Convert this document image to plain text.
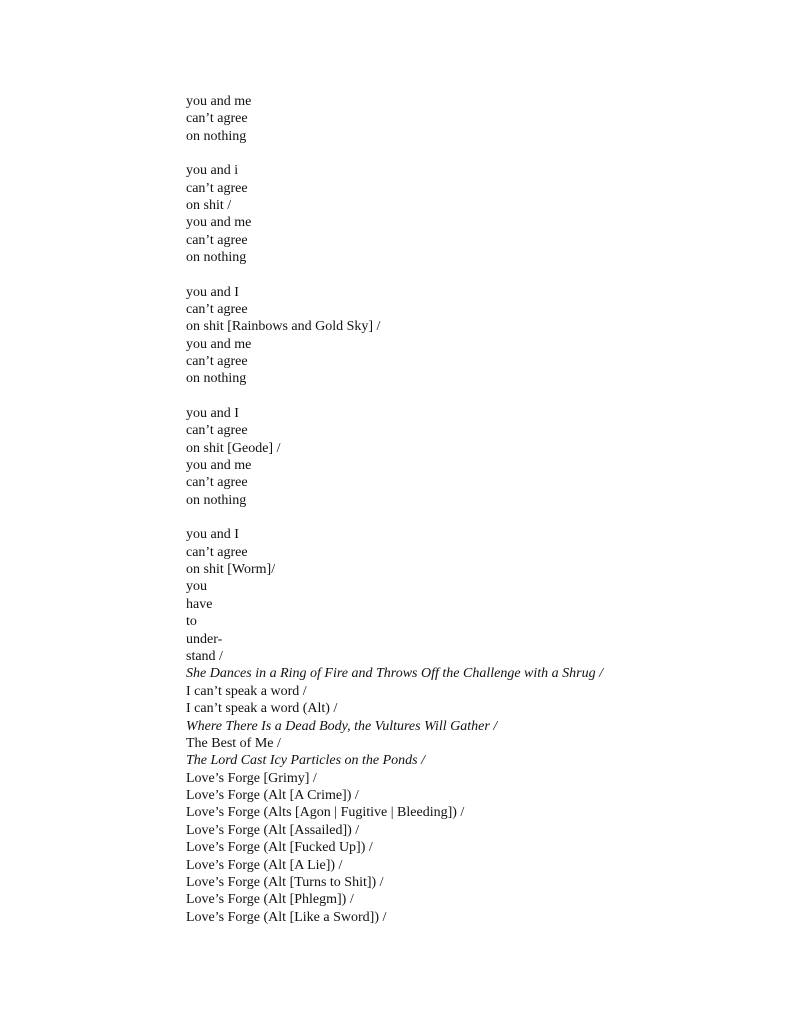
you and me
can’t agree
on nothing
you and i
can’t agree
on shit /
you and me
can’t agree
on nothing
you and I
can’t agree
on shit [Rainbows and Gold Sky] /
you and me
can’t agree
on nothing
you and I
can’t agree
on shit [Geode] /
you and me
can’t agree
on nothing
you and I
can’t agree
on shit [Worm]/
you
have
to
under-
stand /
She Dances in a Ring of Fire and Throws Off the Challenge with a Shrug /
I can’t speak a word /
I can’t speak a word (Alt) /
Where There Is a Dead Body, the Vultures Will Gather /
The Best of Me /
The Lord Cast Icy Particles on the Ponds /
Love’s Forge [Grimy] /
Love’s Forge (Alt [A Crime]) /
Love’s Forge (Alts [Agon | Fugitive | Bleeding]) /
Love’s Forge (Alt [Assailed]) /
Love’s Forge (Alt [Fucked Up]) /
Love’s Forge (Alt [A Lie]) /
Love’s Forge (Alt [Turns to Shit]) /
Love’s Forge (Alt [Phlegm]) /
Love’s Forge (Alt [Like a Sword]) /
